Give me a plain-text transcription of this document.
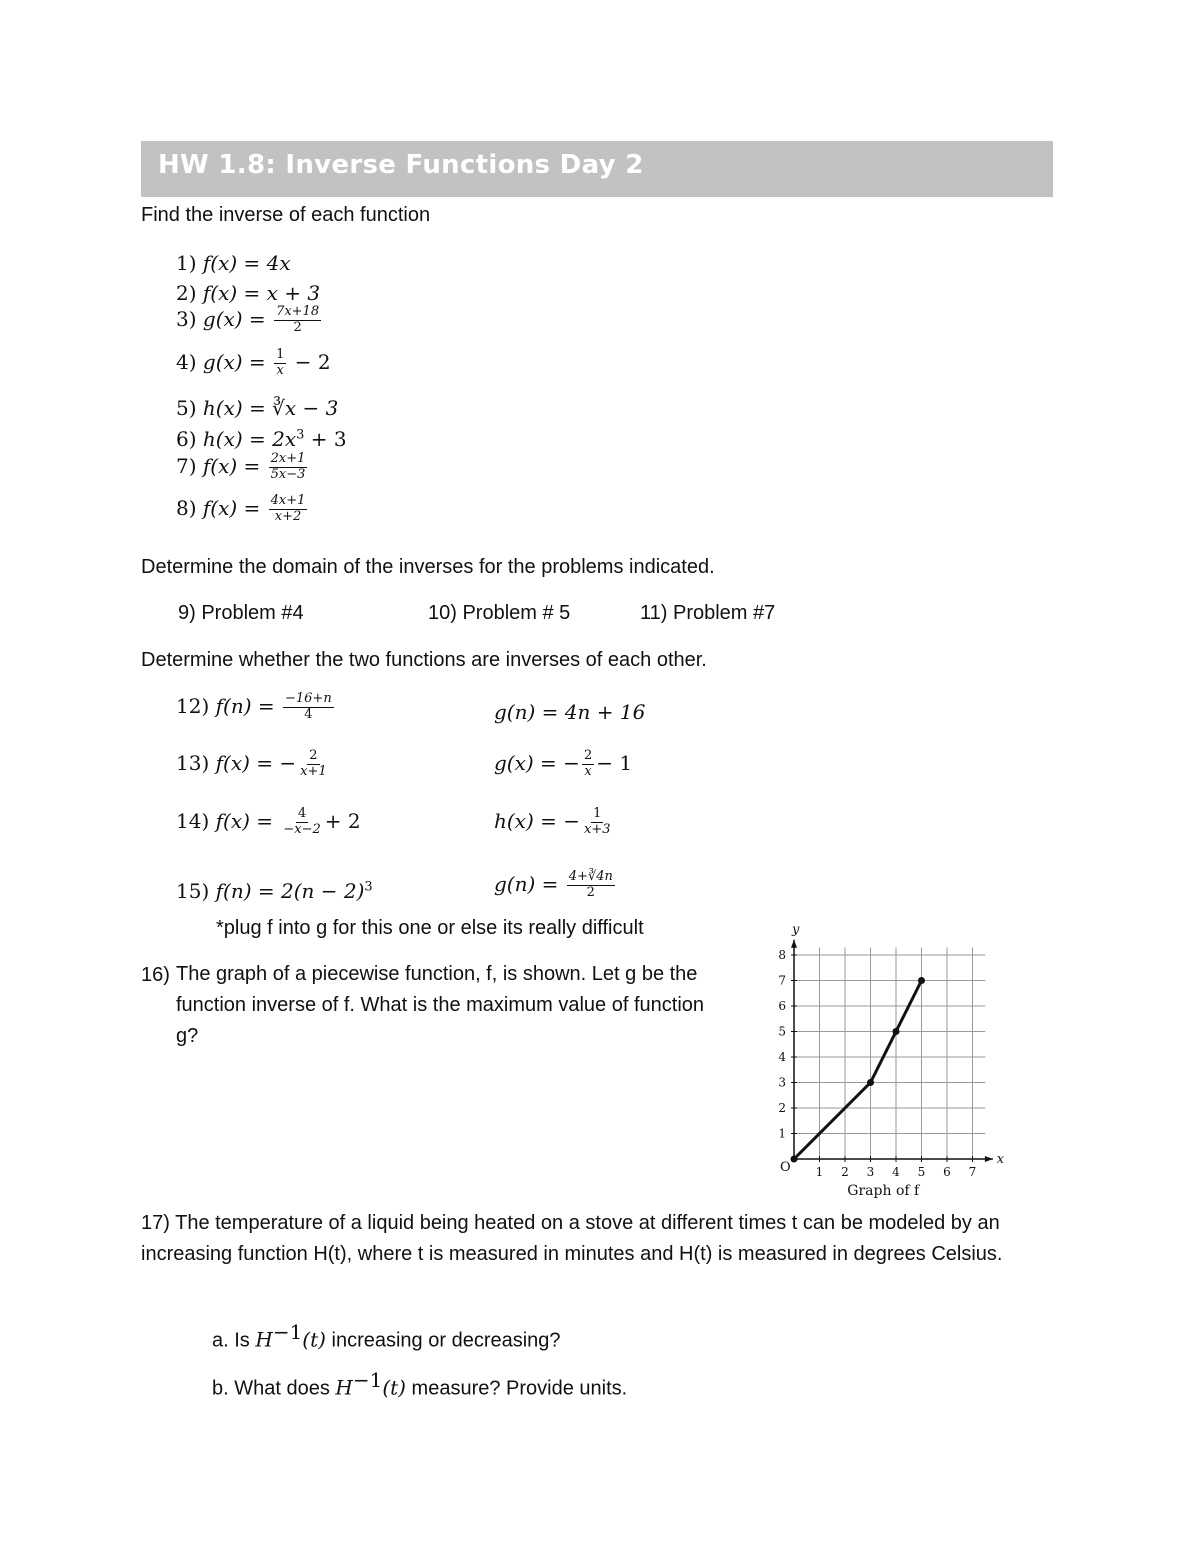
HW 1.8: Inverse Functions Day 2
Find the inverse of each function
1) f(x) = 4x
2) f(x) = x + 3
3) $g(x) = \frac{7x+18}{2}$
4) $g(x) = \frac{1}{x} - 2$
5) h(x) = ∛x − 3
6) $h(x) = 2x^3 + 3$
7) $f(x) = \frac{2x+1}{5x-3}$
8) $f(x) = \frac{4x+1}{x+2}$
Determine the domain of the inverses for the problems indicated.
9) Problem #4	10) Problem # 5	11) Problem #7
Determine whether the two functions are inverses of each other.
12) $f(n) = \frac{-16+n}{4}$	g(n) = 4n + 16
13) f(x) = − $\frac{2}{x+1}$	g(x) = − $\frac{2}{x} - 1$
14) $f(x) = \frac{4}{-x-2} + 2$	h(x) = − $\frac{1}{x+3}$
15) $f(n) = 2(n - 2)^3$	$g(n) = \frac{4+∛4n}{2}$
*plug f into g for this one or else its really difficult
16) The graph of a piecewise function, f, is shown. Let g be the function inverse of f. What is the maximum value of function g?
1 2 3 4 5 6 7
1
2
3
4
5
6
7
8
x
y
O
Graph of f
17) The temperature of a liquid being heated on a stove at different times t can be modeled by an increasing function H(t), where t is measured in minutes and H(t) is measured in degrees Celsius.
a. Is $H^{-1}(t)$ increasing or decreasing?
b. What does $H^{-1}(t)$ measure? Provide units.
